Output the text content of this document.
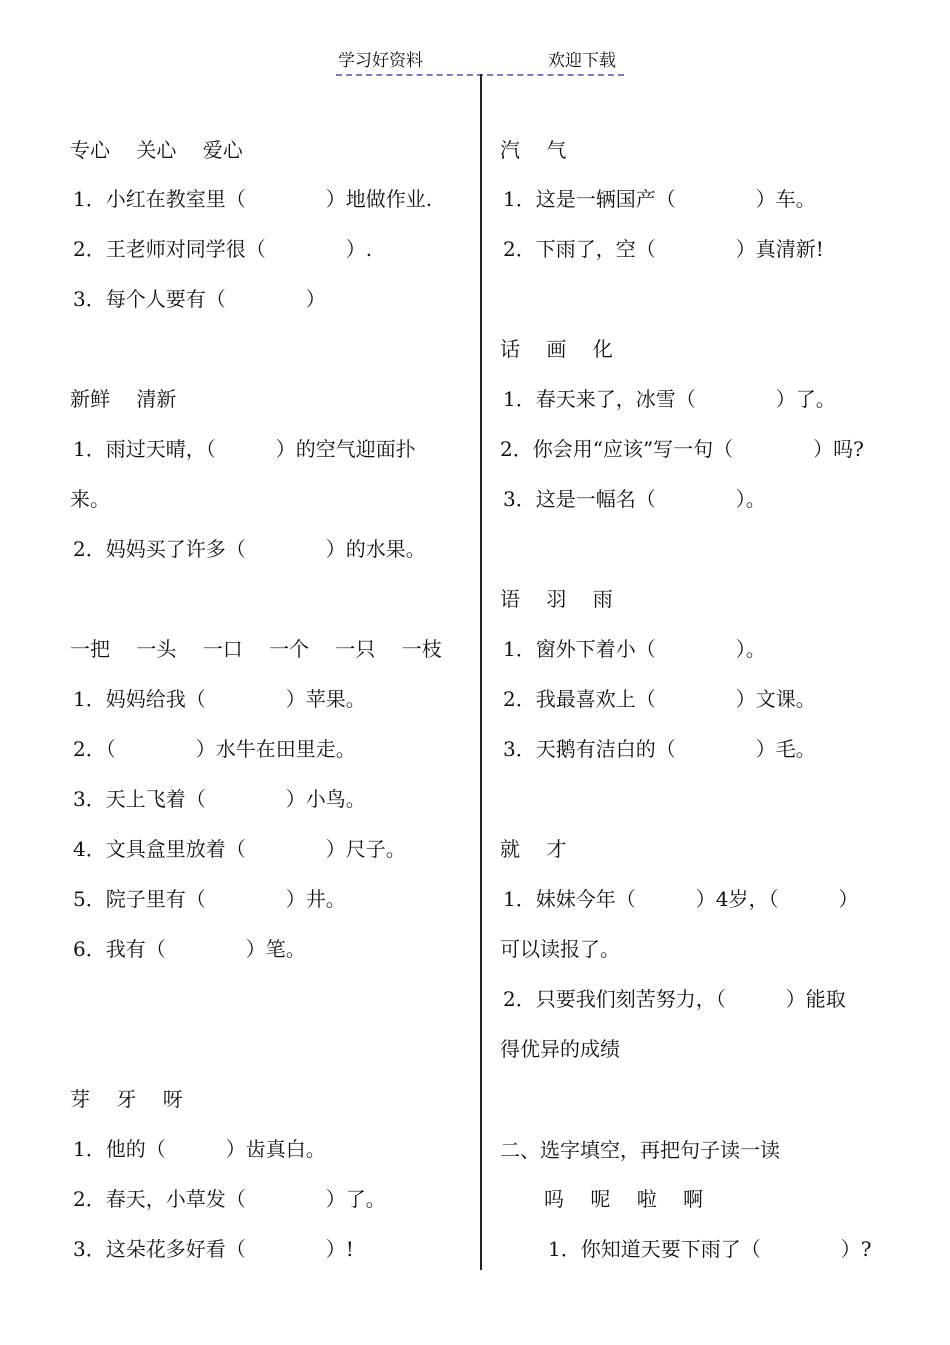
学习好资料	欢迎下载
专心　 关心 　爱心
1．小红在教室里（　　　　）地做作业.
2．王老师对同学很（　　　　）.
3．每个人要有（　　　　）
新鲜 　清新
1．雨过天晴，（　　　）的空气迎面扑
来。
2．妈妈买了许多（　　　　）的水果。
一把 　一头　 一口 　一个 　一只 　一枝
1．妈妈给我（　　　　）苹果。
2．（　　　　）水牛在田里走。
3．天上飞着（　　　　）小鸟。
4．文具盒里放着（　　　　）尺子。
5．院子里有（　　　　）井。
6．我有（　　　　）笔。
芽 　牙　 呀
1．他的（　　　）齿真白。
2．春天，小草发（　　　　）了。
3．这朵花多好看（　　　　）!
汽　 气
1．这是一辆国产（　　　　）车。
2．下雨了，空（　　　　）真清新!
话　 画　 化
1．春天来了，冰雪（　　　　）了。
2．你会用“应该”写一句（　　　　）吗?
3．这是一幅名（　　　　）。
语　 羽　 雨
1．窗外下着小（　　　　）。
2．我最喜欢上（　　　　）文课。
3．天鹅有洁白的（　　　　）毛。
就　 才
1．妹妹今年（　　　）4岁，（　　　）
可以读报了。
2．只要我们刻苦努力，（　　　）能取
得优异的成绩
二、选字填空，再把句子读一读
吗　 呢　 啦　 啊
1．你知道天要下雨了（　　　　）?
